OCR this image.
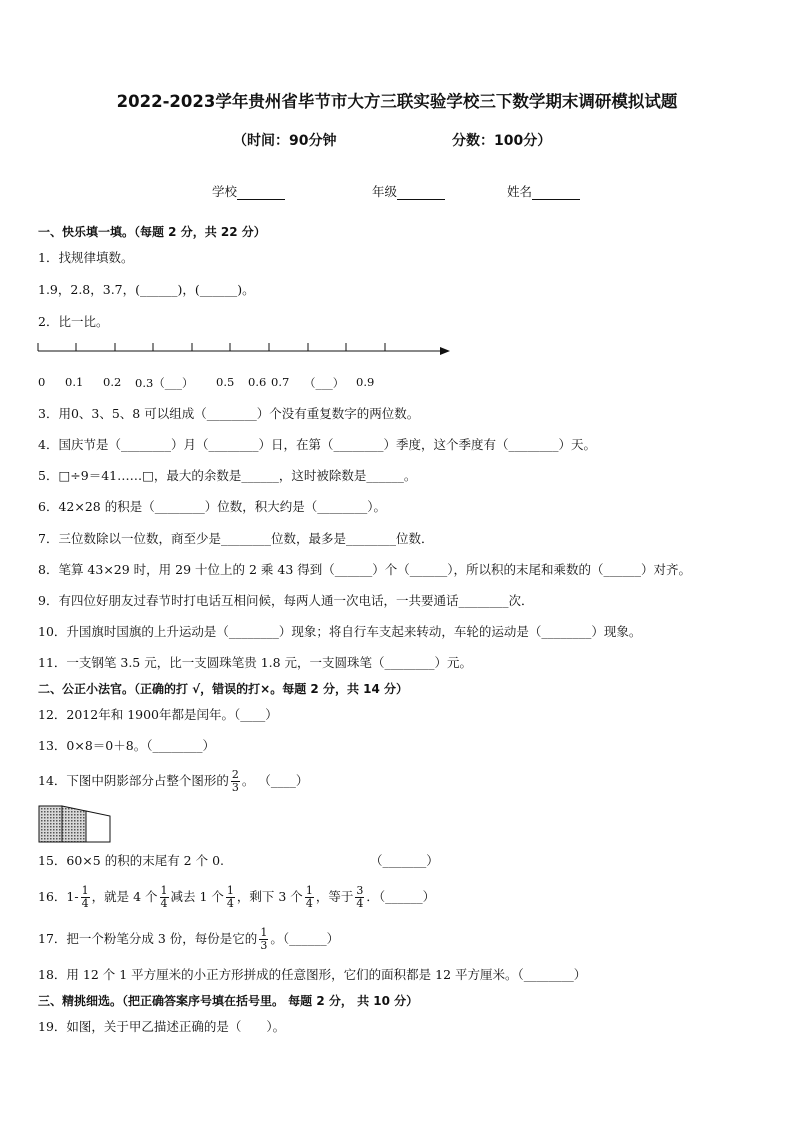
2022-2023学年贵州省毕节市大方三联实验学校三下数学期末调研模拟试题
（时间：90分钟	分数：100分）
学校	年级	姓名
一、快乐填一填。（每题 2 分，共 22 分）
1．找规律填数。
1.9，2.8，3.7，(______)，(______)。
2．比一比。
0 0.1 0.2 0.3（___） 0.5 0.6 0.7 （___） 0.9
3．用0、3、5、8 可以组成（________）个没有重复数字的两位数。
4．国庆节是（________）月（________）日，在第（________）季度，这个季度有（________）天。
5．□÷9＝41……□，最大的余数是______，这时被除数是______。
6．42×28 的积是（________）位数，积大约是（________）。
7．三位数除以一位数，商至少是________位数，最多是________位数．
8．笔算 43×29 时，用 29 十位上的 2 乘 43 得到（______）个（______），所以积的末尾和乘数的（______）对齐。
9．有四位好朋友过春节时打电话互相问候，每两人通一次电话，一共要通话________次．
10．升国旗时国旗的上升运动是（________）现象；将自行车支起来转动，车轮的运动是（________）现象。
11．一支钢笔 3.5 元，比一支圆珠笔贵 1.8 元，一支圆珠笔（________）元。
二、公正小法官。（正确的打 √，错误的打×。每题 2 分，共 14 分）
12．2012年和 1900年都是闰年。（____）
13．0×8＝0＋8。（________）
14．下图中阴影部分占整个图形的 $\frac{2}{3}$ 。 （____）
15．60×5 的积的末尾有 2 个 0.	（_______）
16．$1- \frac{1}{4}$ ，就是 4 个 $\frac{1}{4}$ 减去 1 个 $\frac{1}{4}$ ，剩下 3 个 $\frac{1}{4}$ ，等于 $\frac{3}{4}$ ．（______）
17．把一个粉笔分成 3 份，每份是它的 $\frac{1}{3}$ 。（______）
18．用 12 个 1 平方厘米的小正方形拼成的任意图形，它们的面积都是 12 平方厘米。（________）
三、精挑细选。（把正确答案序号填在括号里。 每题 2 分， 共 10 分）
19．如图，关于甲乙描述正确的是（　　）。
